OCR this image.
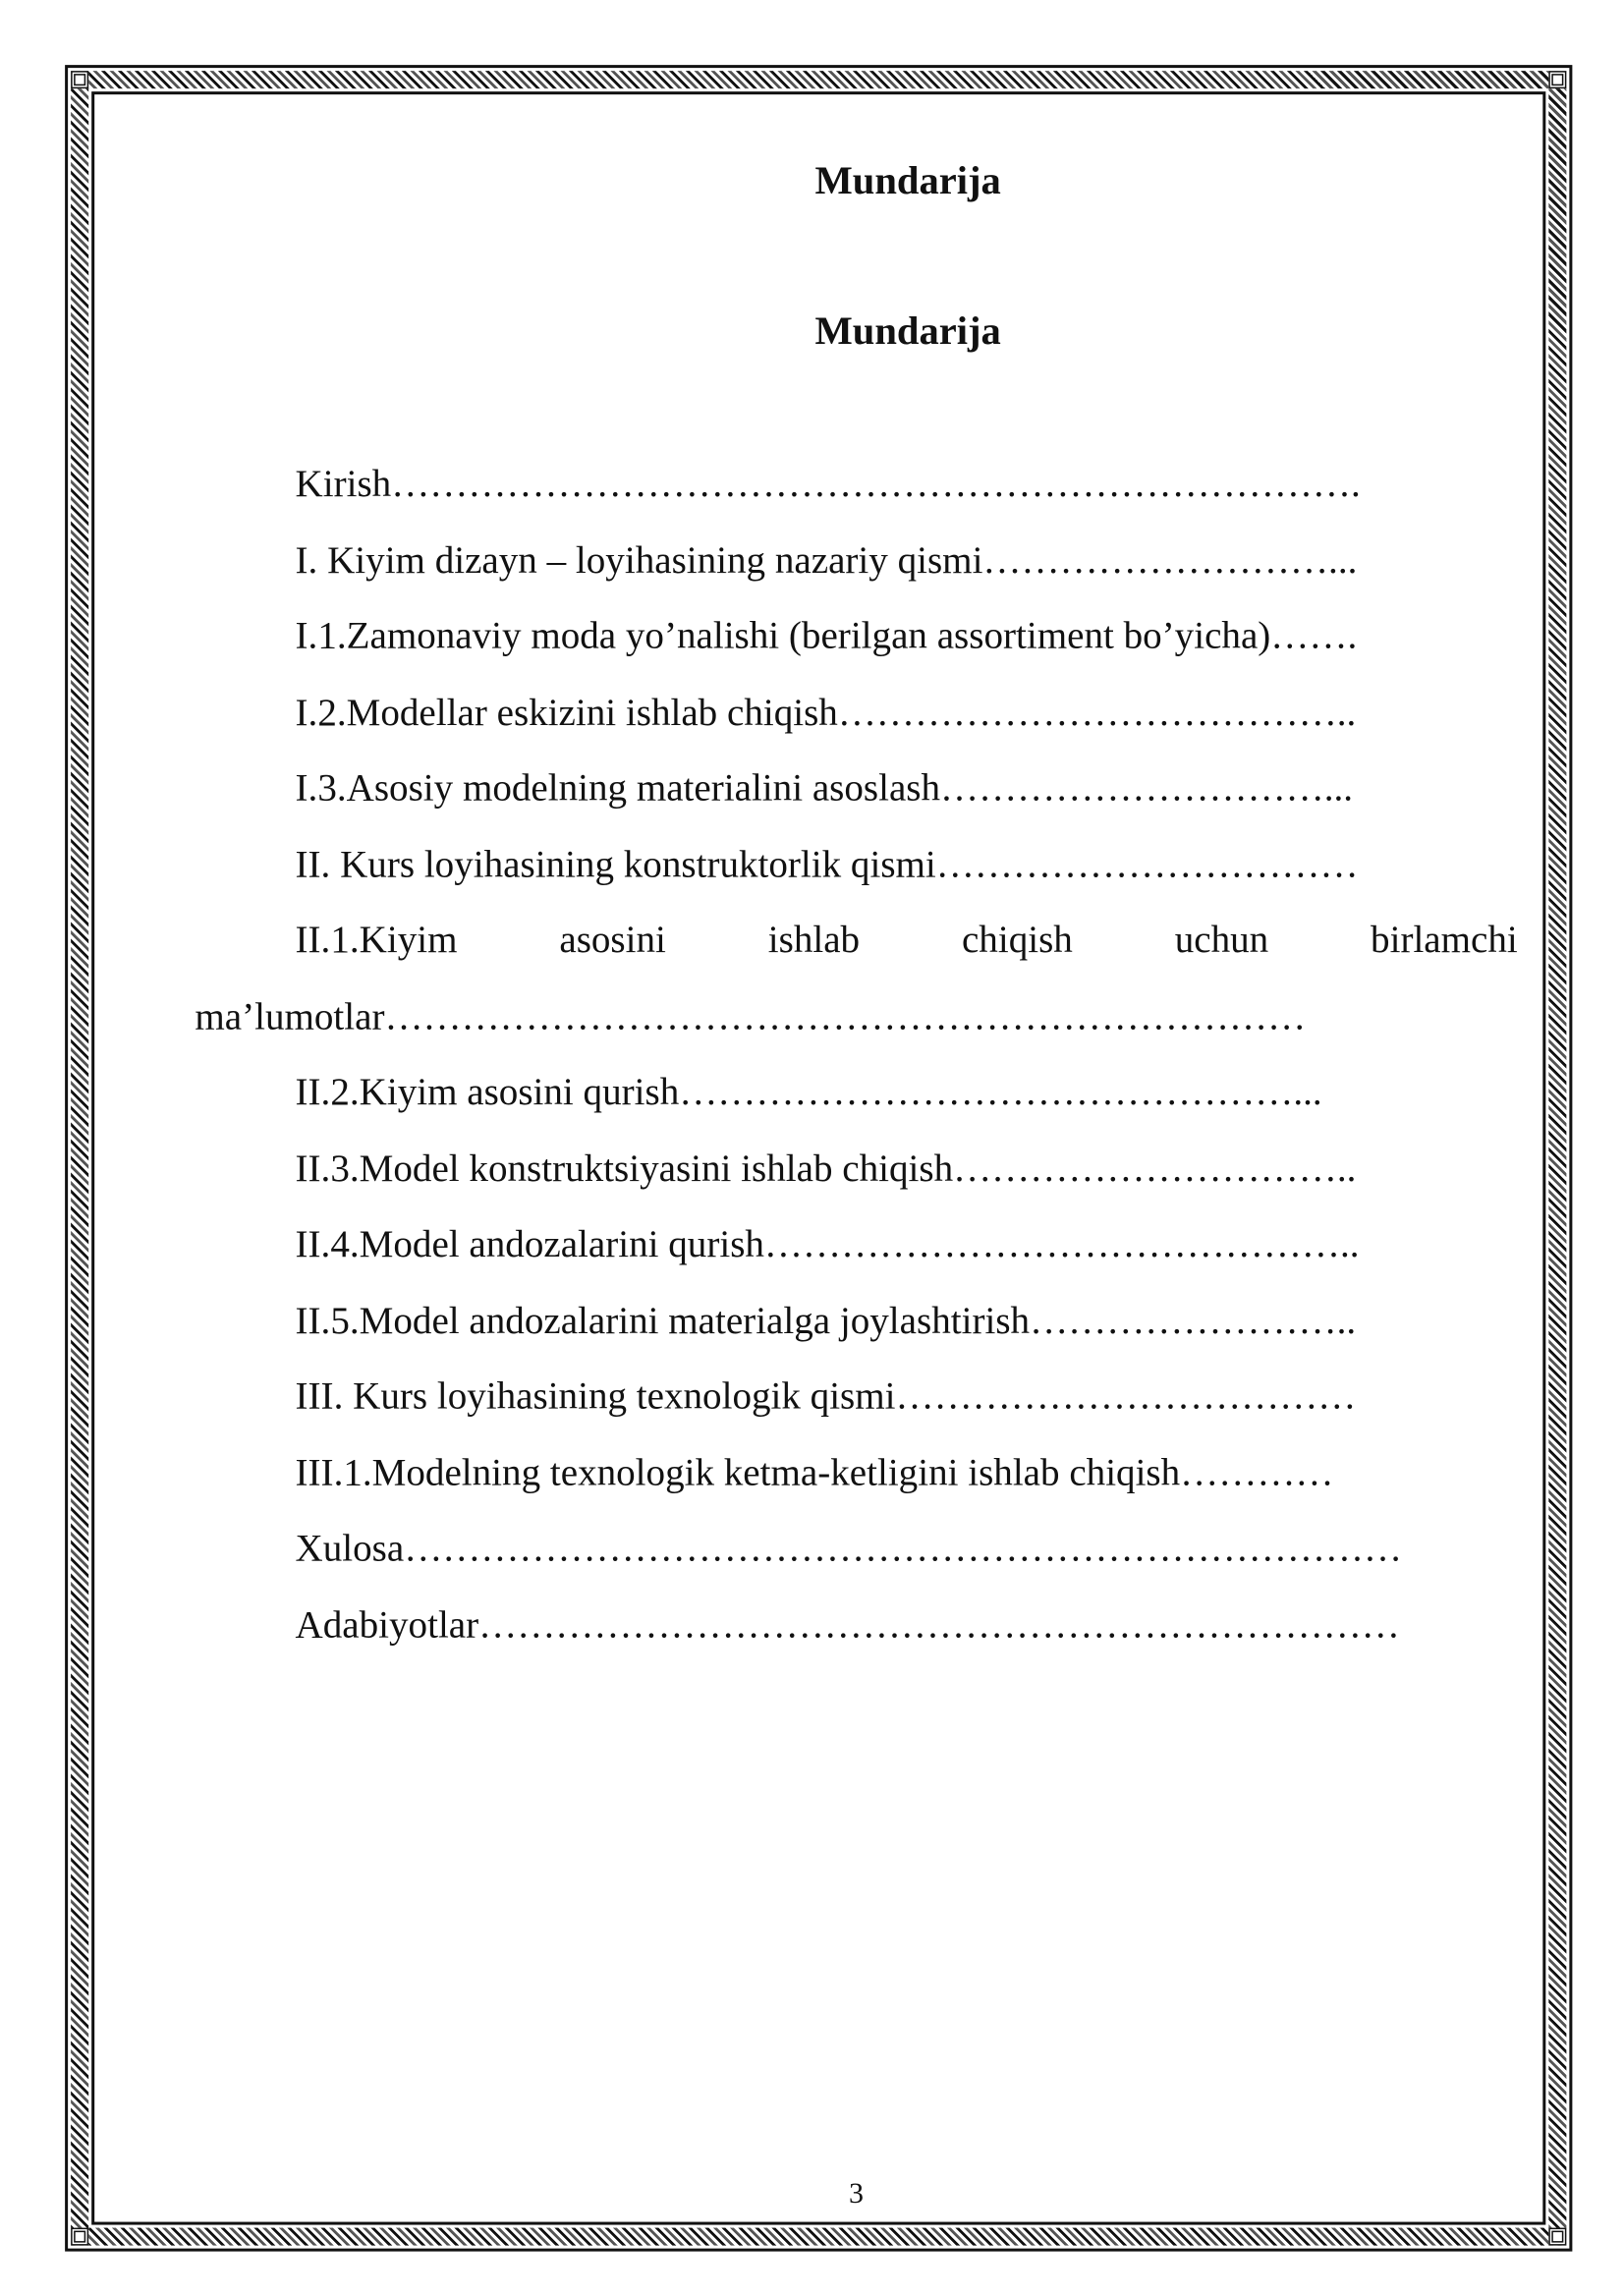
Mundarija
Mundarija
Kirish………………………………………………………………….
I. Kiyim dizayn – loyihasining nazariy qismi………………………...
I.1.Zamonaviy moda yo’nalishi (berilgan assortiment bo’yicha)…….
I.2.Modellar eskizini ishlab chiqish…………………………………..
I.3.Asosiy modelning materialini asoslash…………………………...
II. Kurs loyihasining konstruktorlik qismi……………………………
II.1.Kiyim asosini ishlab chiqish uchun birlamchi
ma’lumotlar………………………………………………………………
II.2.Kiyim asosini qurish…………………………………………...
II.3.Model konstruktsiyasini ishlab chiqish…………………………..
II.4.Model andozalarini qurish………………………………………..
II.5.Model andozalarini materialga joylashtirish……………………..
III. Kurs loyihasining texnologik qismi………………………………
III.1.Modelning texnologik ketma-ketligini ishlab chiqish…………
Xulosa……………………………………………………………………
Adabiyotlar………………………………………………………………
3
